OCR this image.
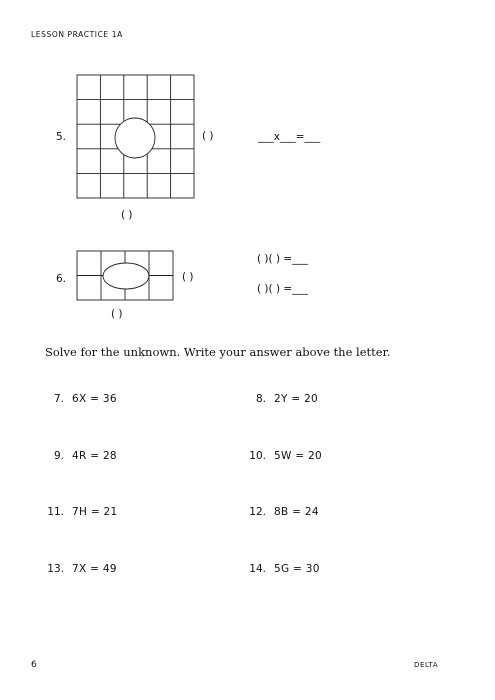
LESSON PRACTICE 1A
5.	( )
( )
___x___=___
6.	( )
( )
( )( ) =___
( )( ) =___
Solve for the unknown. Write your answer above the letter.
7. 6X = 36	8. 2Y = 20
9. 4R = 28	10. 5W = 20
11. 7H = 21	12. 8B = 24
13. 7X = 49	14. 5G = 30
6	DELTA
